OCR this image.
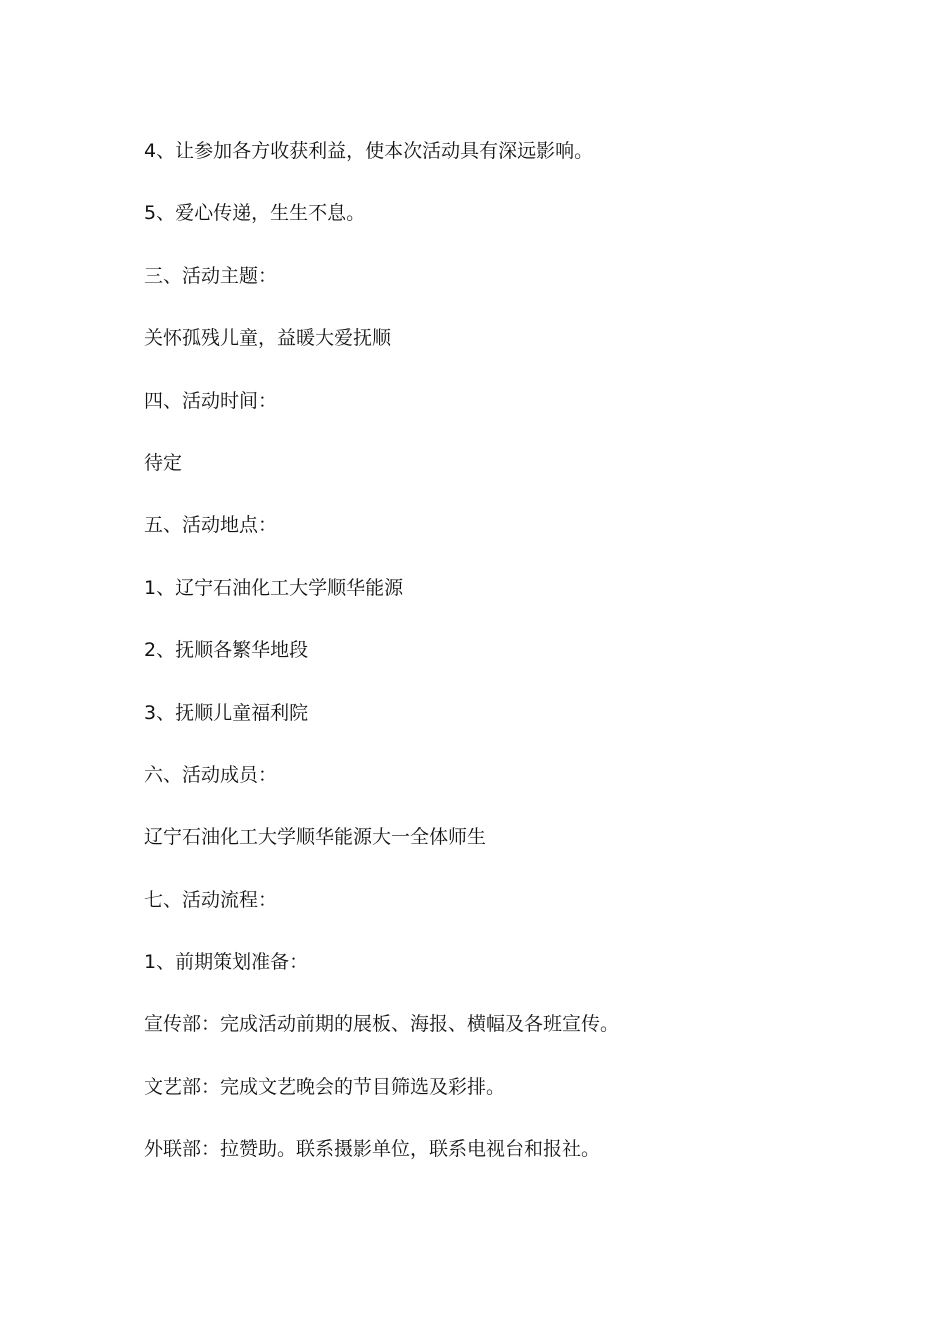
4、让参加各方收获利益，使本次活动具有深远影响。

5、爱心传递，生生不息。

三、活动主题：

关怀孤残儿童，益暖大爱抚顺

四、活动时间：

待定

五、活动地点：

1、辽宁石油化工大学顺华能源

2、抚顺各繁华地段

3、抚顺儿童福利院

六、活动成员：

辽宁石油化工大学顺华能源大一全体师生

七、活动流程：

1、前期策划准备：

宣传部：完成活动前期的展板、海报、横幅及各班宣传。

文艺部：完成文艺晚会的节目筛选及彩排。

外联部：拉赞助。联系摄影单位，联系电视台和报社。
